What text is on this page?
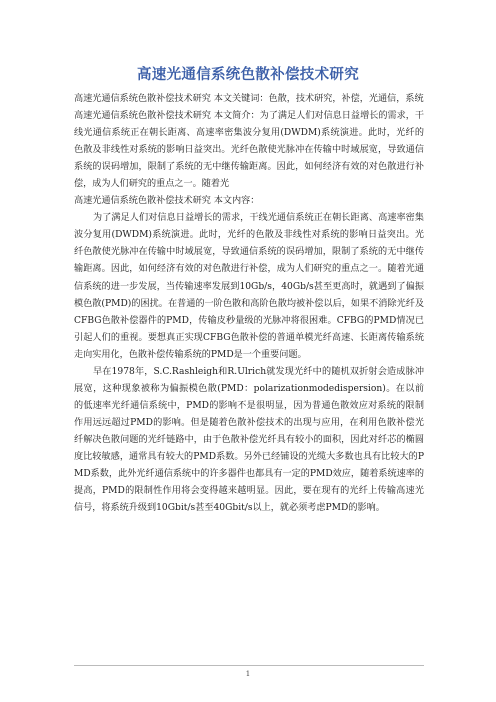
高速光通信系统色散补偿技术研究

高速光通信系统色散补偿技术研究 本文关键词：色散，技术研究，补偿，光通信，系统

高速光通信系统色散补偿技术研究 本文简介：为了满足人们对信息日益增长的需求，干线光通信系统正在朝长距离、高速率密集波分复用(DWDM)系统演进。此时，光纤的色散及非线性对系统的影响日益突出。光纤色散使光脉冲在传输中时域展宽，导致通信系统的误码增加，限制了系统的无中继传输距离。因此，如何经济有效的对色散进行补偿，成为人们研究的重点之一。随着光

高速光通信系统色散补偿技术研究 本文内容：

为了满足人们对信息日益增长的需求，干线光通信系统正在朝长距离、高速率密集波分复用(DWDM)系统演进。此时，光纤的色散及非线性对系统的影响日益突出。光纤色散使光脉冲在传输中时域展宽，导致通信系统的误码增加，限制了系统的无中继传输距离。因此，如何经济有效的对色散进行补偿，成为人们研究的重点之一。随着光通信系统的进一步发展，当传输速率发展到10Gb/s，40Gb/s甚至更高时，就遇到了偏振模色散(PMD)的困扰。在普通的一阶色散和高阶色散均被补偿以后，如果不消除光纤及CFBG色散补偿器件的PMD，传输皮秒量级的光脉冲将很困难。CFBG的PMD情况已引起人们的重视。要想真正实现CFBG色散补偿的普通单模光纤高速、长距离传输系统走向实用化，色散补偿传输系统的PMD是一个重要问题。

早在1978年，S.C.Rashleigh和R.Ulrich就发现光纤中的随机双折射会造成脉冲展宽，这种现象被称为偏振模色散(PMD：polarizationmodedispersion)。在以前的低速率光纤通信系统中，PMD的影响不是很明显，因为普通色散效应对系统的限制作用远远超过PMD的影响。但是随着色散补偿技术的出现与应用，在利用色散补偿光纤解决色散问题的光纤链路中，由于色散补偿光纤具有较小的面积，因此对纤芯的椭圆度比较敏感，通常具有较大的PMD系数。另外已经铺设的光缆大多数也具有比较大的PMD系数，此外光纤通信系统中的许多器件也都具有一定的PMD效应，随着系统速率的提高，PMD的限制性作用将会变得越来越明显。因此，要在现有的光纤上传输高速光信号，将系统升级到10Gbit/s甚至40Gbit/s以上，就必须考虑PMD的影响。

1
